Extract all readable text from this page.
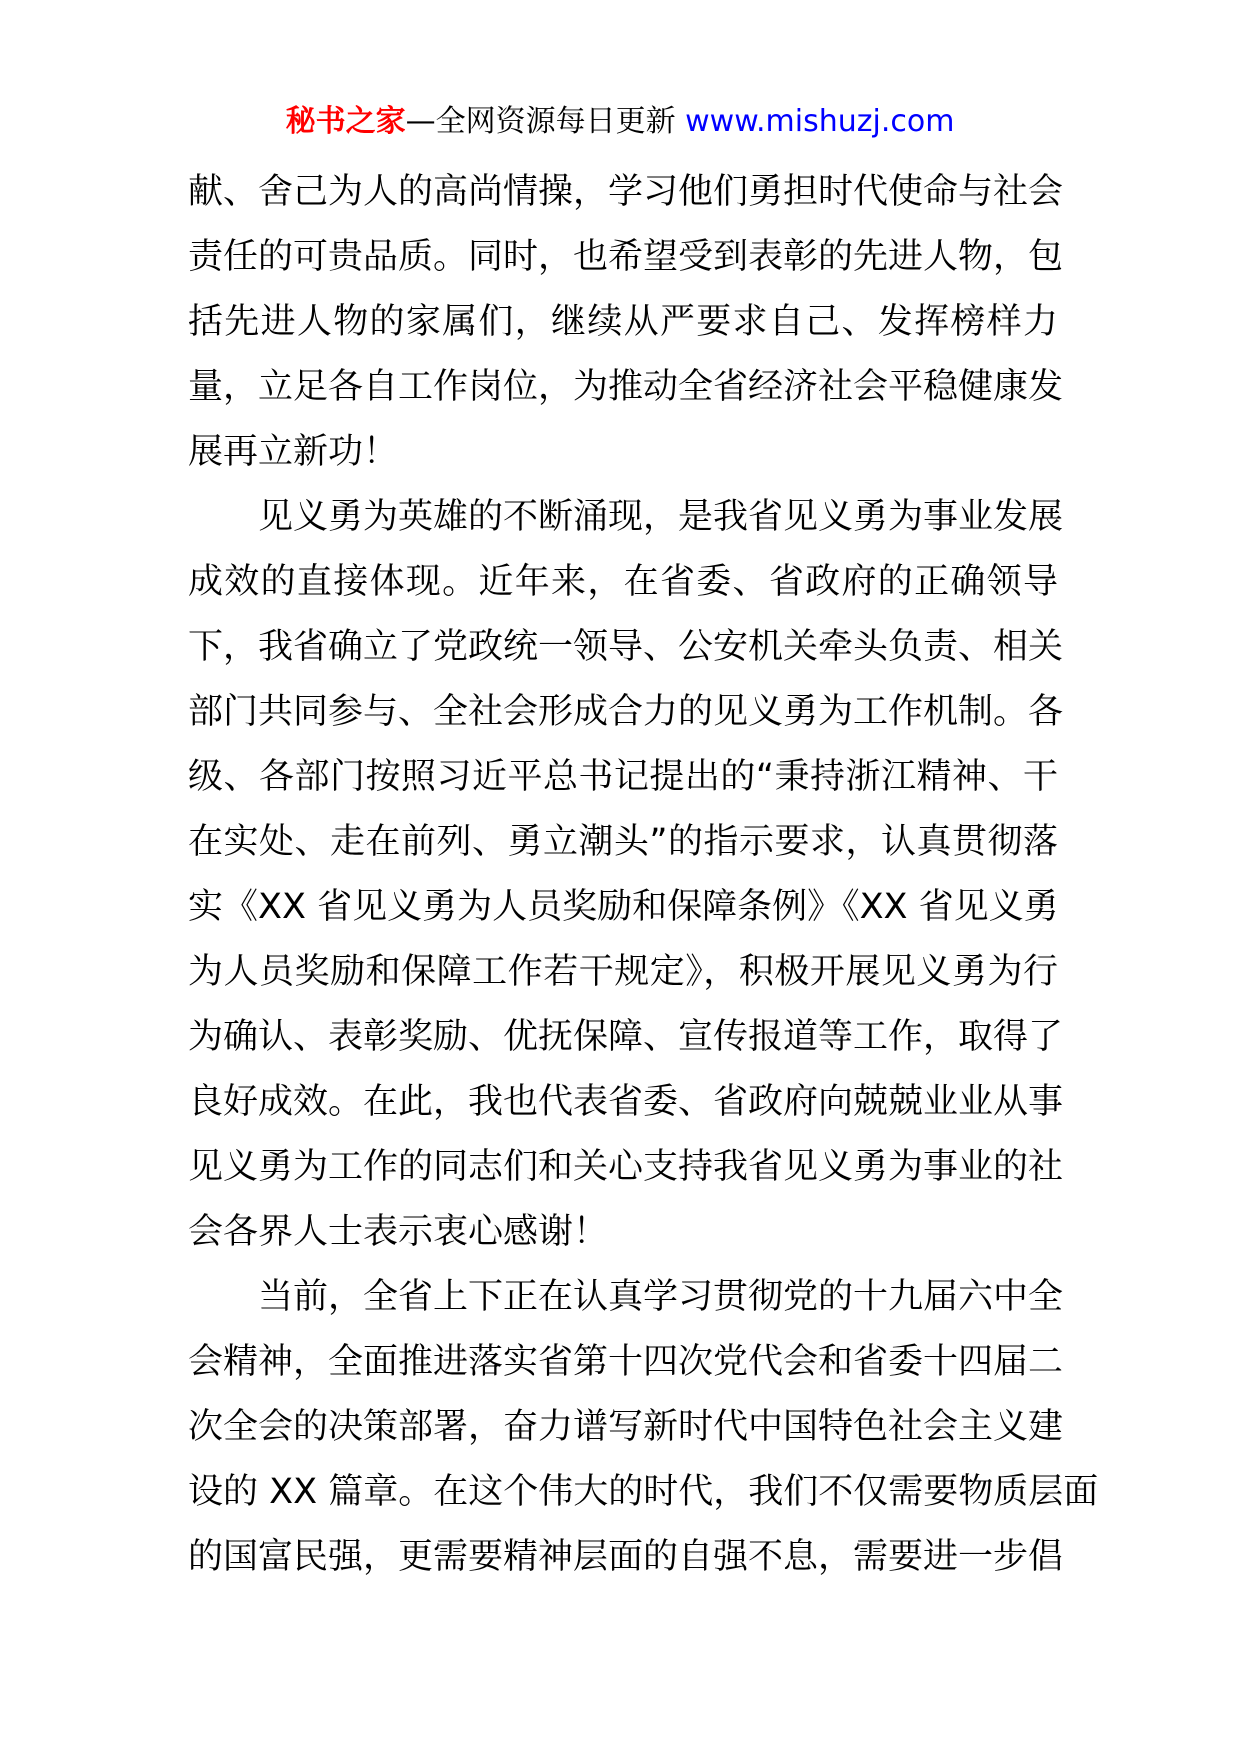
秘书之家—全网资源每日更新 www.mishuzj.com
献、舍己为人的高尚情操，学习他们勇担时代使命与社会
责任的可贵品质。同时，也希望受到表彰的先进人物，包
括先进人物的家属们，继续从严要求自己、发挥榜样力
量，立足各自工作岗位，为推动全省经济社会平稳健康发
展再立新功！
见义勇为英雄的不断涌现，是我省见义勇为事业发展
成效的直接体现。近年来，在省委、省政府的正确领导
下，我省确立了党政统一领导、公安机关牵头负责、相关
部门共同参与、全社会形成合力的见义勇为工作机制。各
级、各部门按照习近平总书记提出的“秉持浙江精神、干
在实处、走在前列、勇立潮头”的指示要求，认真贯彻落
实《XX 省见义勇为人员奖励和保障条例》《XX 省见义勇
为人员奖励和保障工作若干规定》，积极开展见义勇为行
为确认、表彰奖励、优抚保障、宣传报道等工作，取得了
良好成效。在此，我也代表省委、省政府向兢兢业业从事
见义勇为工作的同志们和关心支持我省见义勇为事业的社
会各界人士表示衷心感谢！
当前，全省上下正在认真学习贯彻党的十九届六中全
会精神，全面推进落实省第十四次党代会和省委十四届二
次全会的决策部署，奋力谱写新时代中国特色社会主义建
设的 XX 篇章。在这个伟大的时代，我们不仅需要物质层面
的国富民强，更需要精神层面的自强不息，需要进一步倡
